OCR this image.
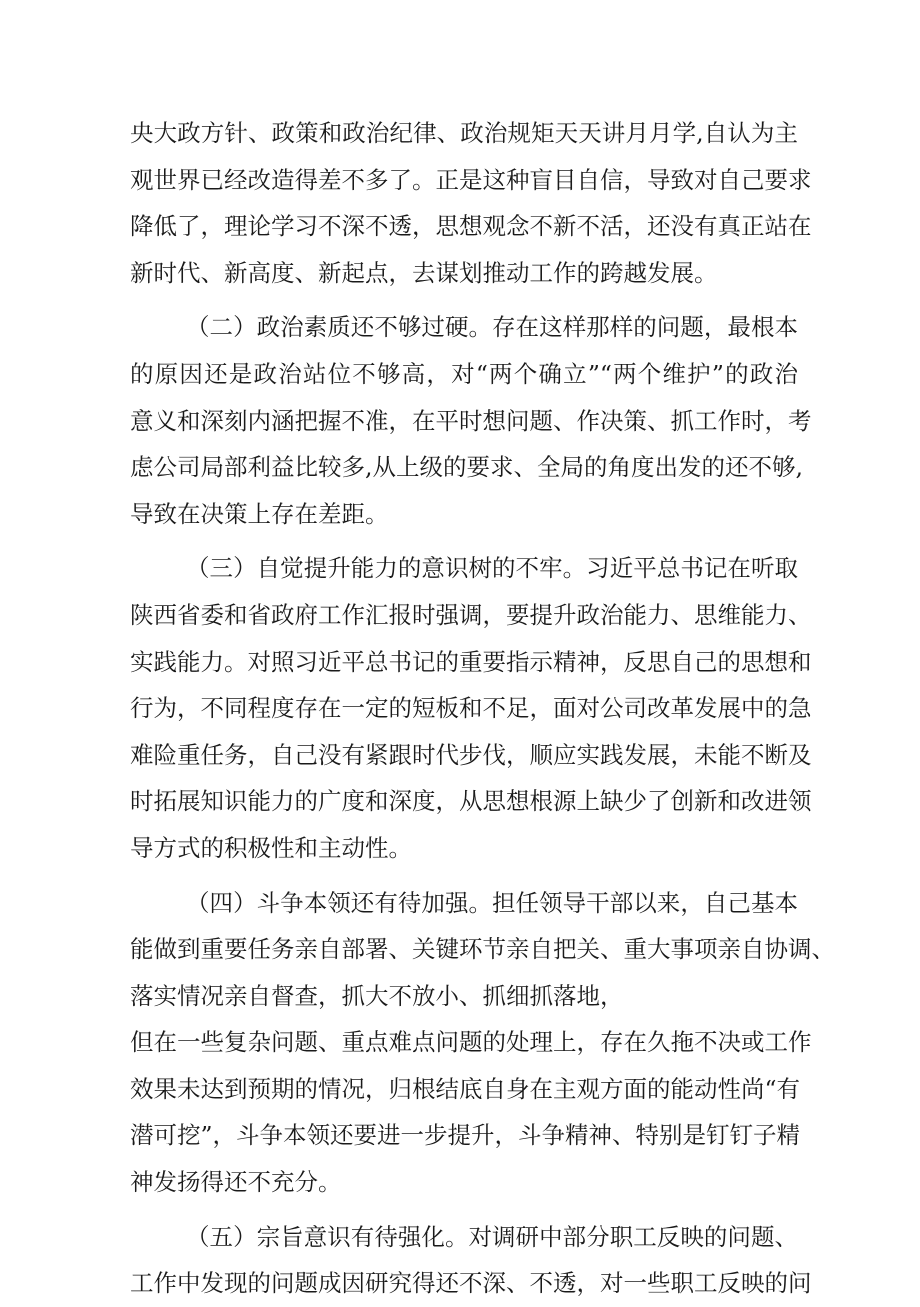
央大政方针、政策和政治纪律、政治规矩天天讲月月学,自认为主
观世界已经改造得差不多了。正是这种盲目自信，导致对自己要求
降低了，理论学习不深不透，思想观念不新不活，还没有真正站在
新时代、新高度、新起点，去谋划推动工作的跨越发展。
（二）政治素质还不够过硬。存在这样那样的问题，最根本
的原因还是政治站位不够高，对“两个确立”“两个维护”的政治
意义和深刻内涵把握不准，在平时想问题、作决策、抓工作时，考
虑公司局部利益比较多,从上级的要求、全局的角度出发的还不够,
导致在决策上存在差距。
（三）自觉提升能力的意识树的不牢。习近平总书记在听取
陕西省委和省政府工作汇报时强调，要提升政治能力、思维能力、
实践能力。对照习近平总书记的重要指示精神，反思自己的思想和
行为，不同程度存在一定的短板和不足，面对公司改革发展中的急
难险重任务，自己没有紧跟时代步伐，顺应实践发展，未能不断及
时拓展知识能力的广度和深度，从思想根源上缺少了创新和改进领
导方式的积极性和主动性。
（四）斗争本领还有待加强。担任领导干部以来，自己基本
能做到重要任务亲自部署、关键环节亲自把关、重大事项亲自协调、
落实情况亲自督查，抓大不放小、抓细抓落地，
但在一些复杂问题、重点难点问题的处理上，存在久拖不决或工作
效果未达到预期的情况，归根结底自身在主观方面的能动性尚“有
潜可挖”，斗争本领还要进一步提升，斗争精神、特别是钉钉子精
神发扬得还不充分。
（五）宗旨意识有待强化。对调研中部分职工反映的问题、
工作中发现的问题成因研究得还不深、不透，对一些职工反映的问
